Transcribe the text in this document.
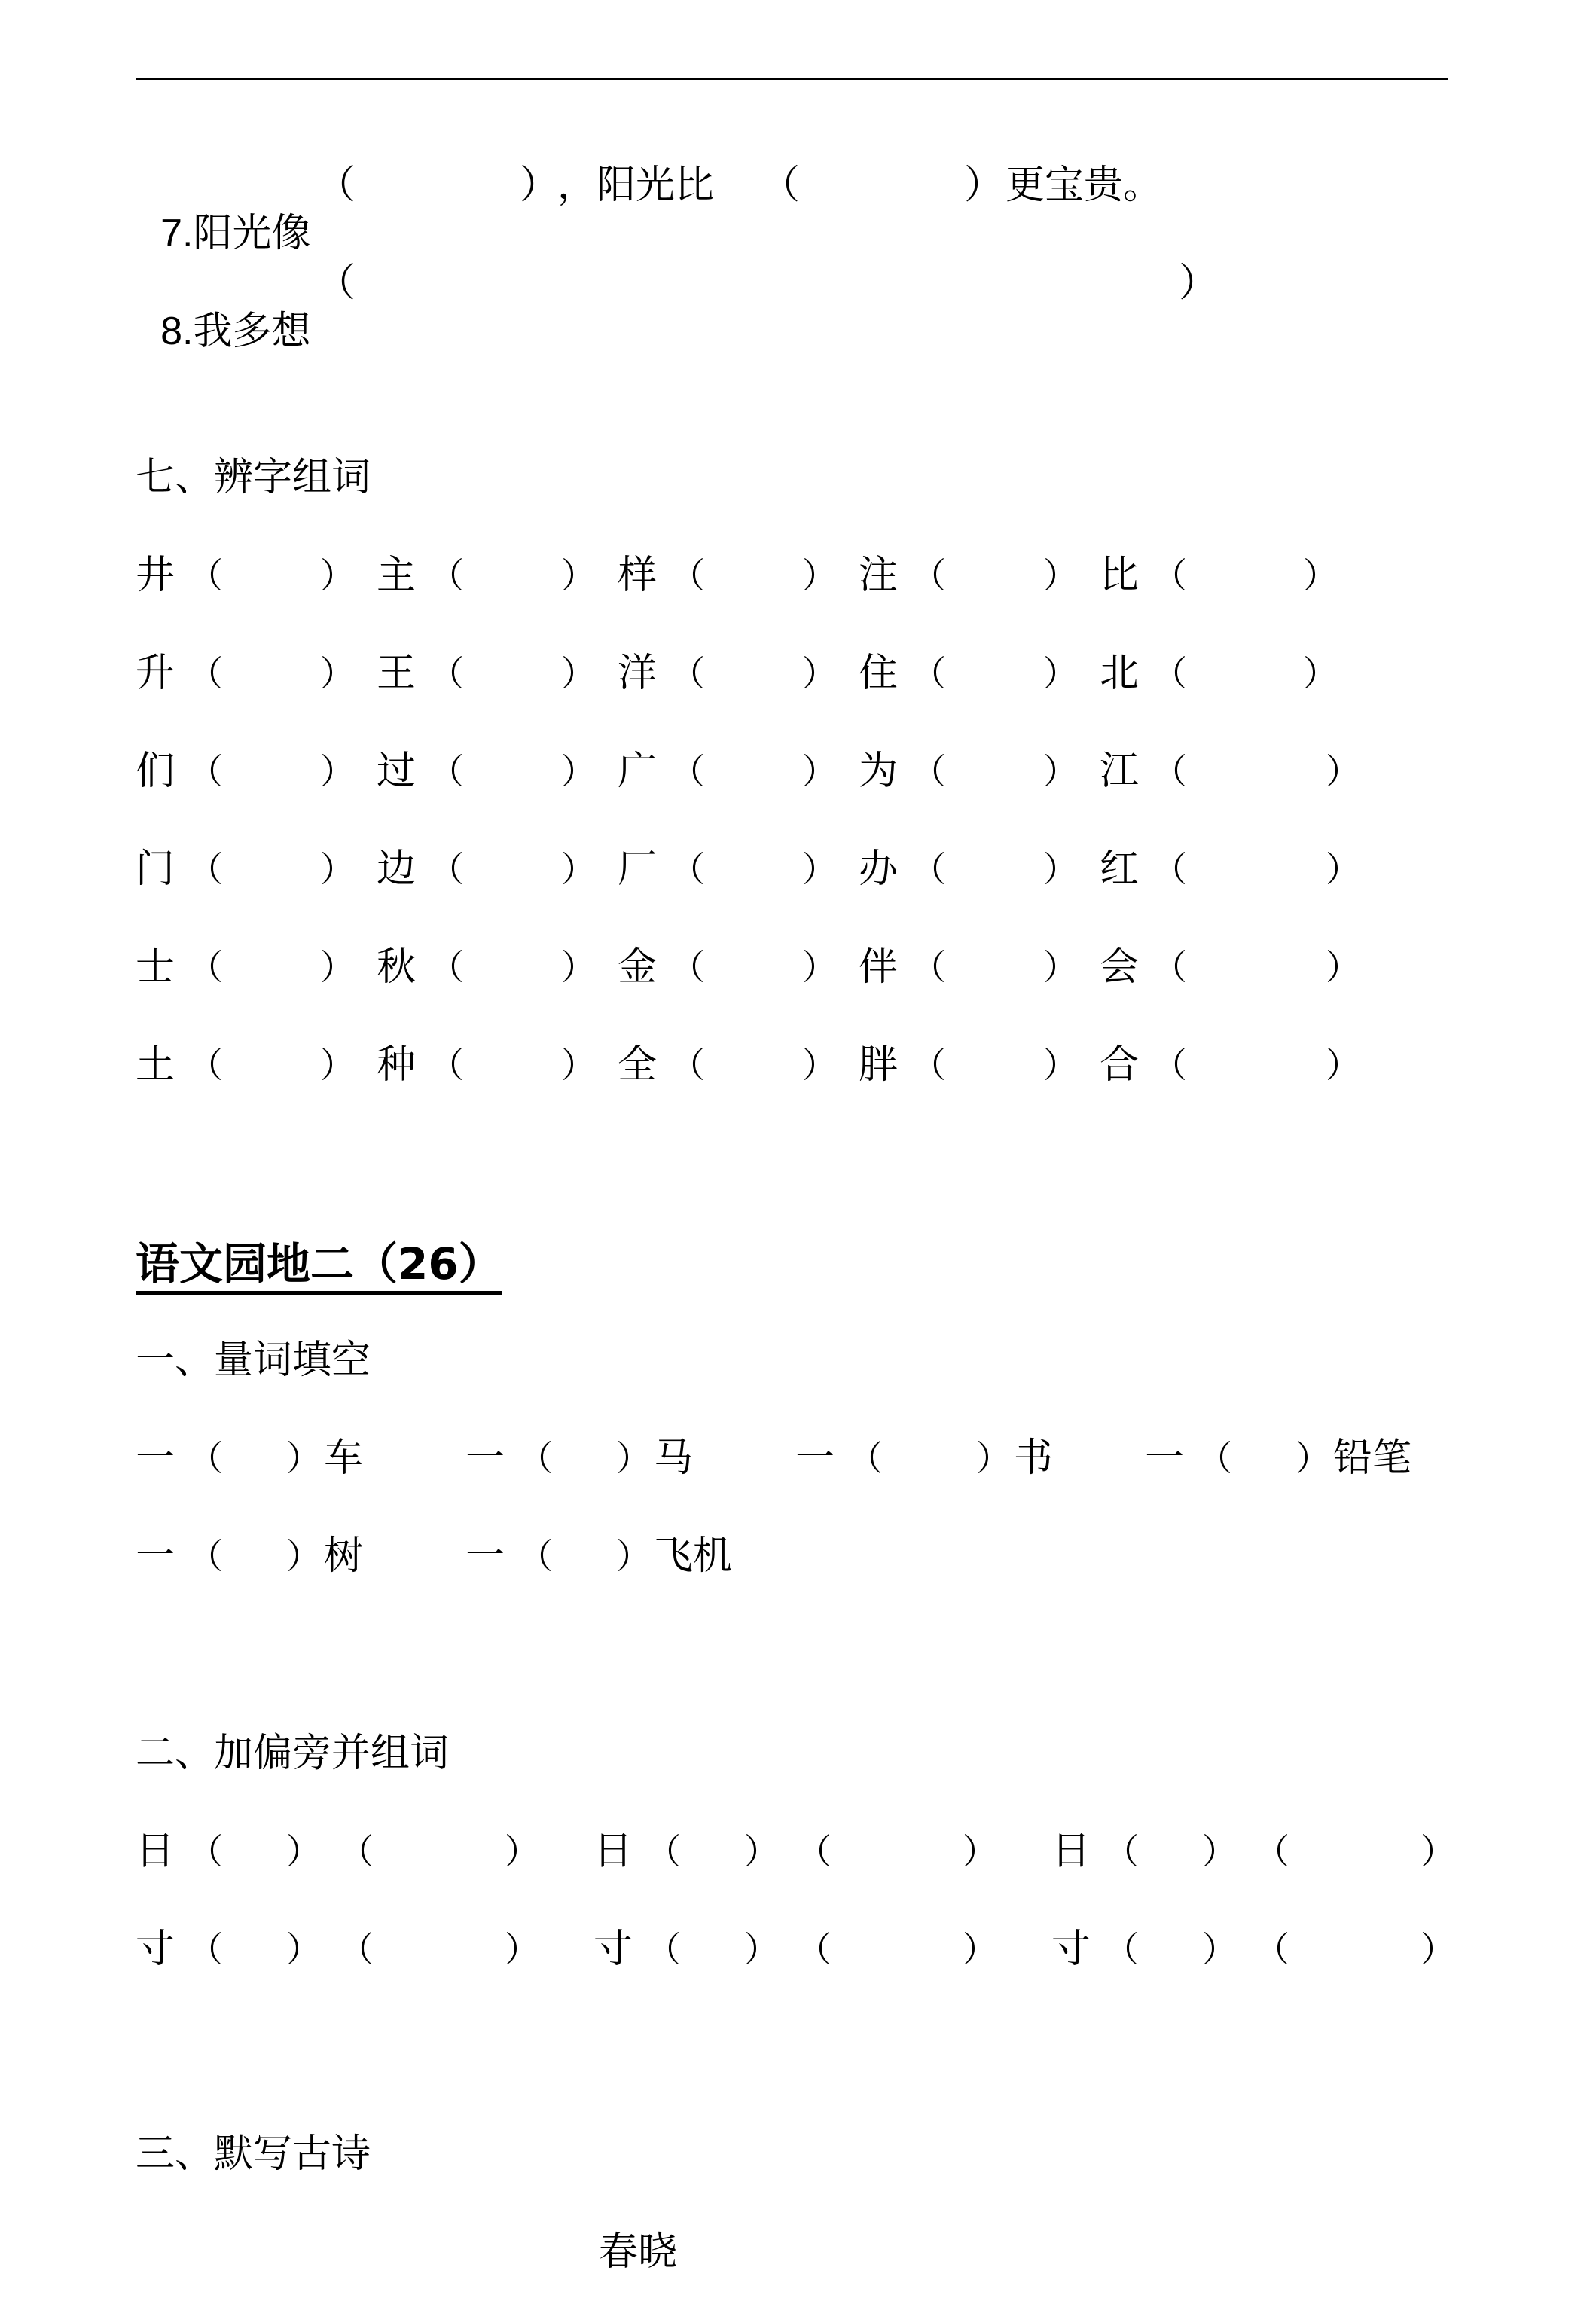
7.阳光像

（	）
，阳光比 （	） 更宝贵。

8.我多想

（	）
七、辨字组词
井 （	） 主 （	） 样 （	） 注 （	） 比 （	）
升 （	） 王 （	） 洋 （	） 住 （	） 北 （	）
们 （	） 过 （	） 广 （	） 为 （	） 江 （	）
门 （	） 边 （	） 厂 （	） 办 （	） 红 （	）
士 （	） 秋 （	） 金 （	） 伴 （	） 会 （	）
土 （	） 种 （	） 全 （	） 胖 （	） 合 （	）
语文园地二（26）
一、量词填空
一 （ ） 车	一 （ ） 马	一 （	） 书 一 （ ） 铅笔
一 （ ） 树	一 （ ） 飞机
二、加偏旁并组词
日 （ ） （	） 日 （ ） （	） 日 （ ） （	）
寸 （ ） （	） 寸 （ ） （	） 寸 （ ） （	）
三、默写古诗
春晓
